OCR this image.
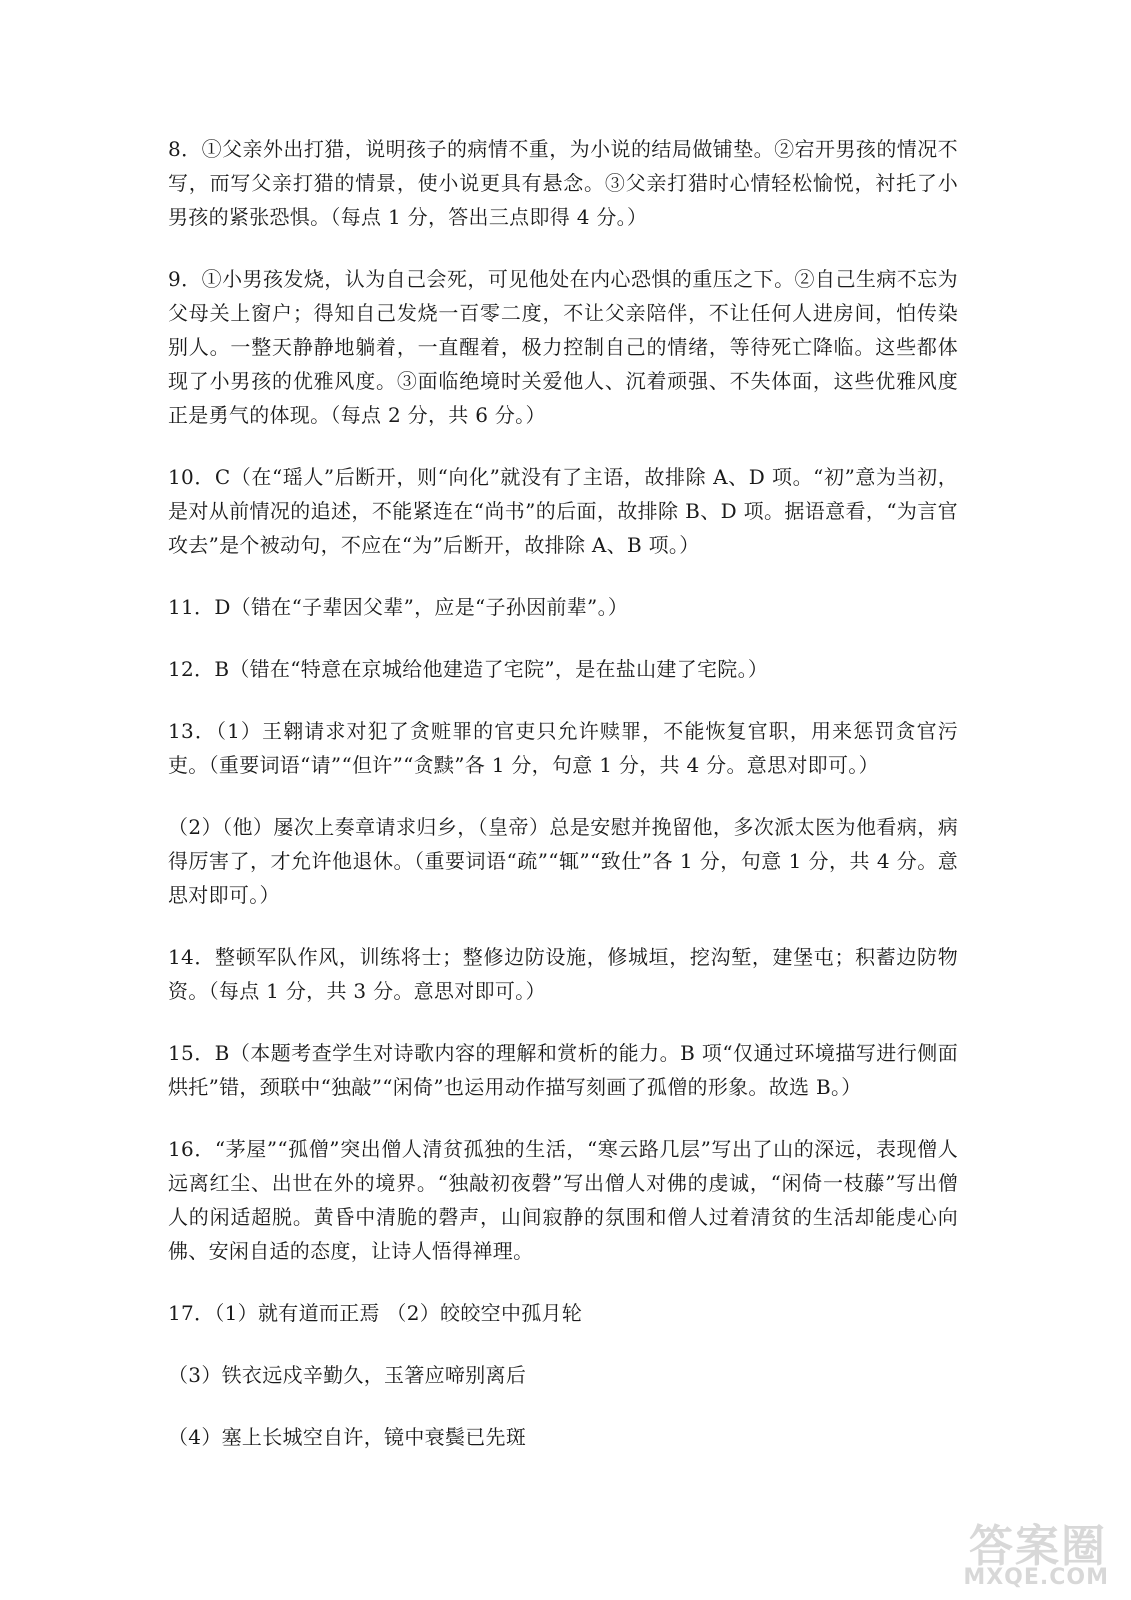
8．①父亲外出打猎，说明孩子的病情不重，为小说的结局做铺垫。②宕开男孩的情况不写，而写父亲打猎的情景，使小说更具有悬念。③父亲打猎时心情轻松愉悦，衬托了小男孩的紧张恐惧。（每点 1 分，答出三点即得 4 分。）

9．①小男孩发烧，认为自己会死，可见他处在内心恐惧的重压之下。②自己生病不忘为父母关上窗户；得知自己发烧一百零二度，不让父亲陪伴，不让任何人进房间，怕传染别人。一整天静静地躺着，一直醒着，极力控制自己的情绪，等待死亡降临。这些都体现了小男孩的优雅风度。③面临绝境时关爱他人、沉着顽强、不失体面，这些优雅风度正是勇气的体现。（每点 2 分，共 6 分。）

10．C（在“瑶人”后断开，则“向化”就没有了主语，故排除 A、D 项。“初”意为当初，是对从前情况的追述，不能紧连在“尚书”的后面，故排除 B、D 项。据语意看，“为言官攻去”是个被动句，不应在“为”后断开，故排除 A、B 项。）

11．D（错在“子辈因父辈”，应是“子孙因前辈”。）

12．B（错在“特意在京城给他建造了宅院”，是在盐山建了宅院。）

13．（1）王翱请求对犯了贪赃罪的官吏只允许赎罪，不能恢复官职，用来惩罚贪官污吏。（重要词语“请”“但许”“贪黩”各 1 分，句意 1 分，共 4 分。意思对即可。）

（2）（他）屡次上奏章请求归乡，（皇帝）总是安慰并挽留他，多次派太医为他看病，病得厉害了，才允许他退休。（重要词语“疏”“辄”“致仕”各 1 分，句意 1 分，共 4 分。意思对即可。）

14．整顿军队作风，训练将士；整修边防设施，修城垣，挖沟堑，建堡屯；积蓄边防物资。（每点 1 分，共 3 分。意思对即可。）

15．B（本题考查学生对诗歌内容的理解和赏析的能力。B 项“仅通过环境描写进行侧面烘托”错，颈联中“独敲”“闲倚”也运用动作描写刻画了孤僧的形象。故选 B。）

16．“茅屋”“孤僧”突出僧人清贫孤独的生活，“寒云路几层”写出了山的深远，表现僧人远离红尘、出世在外的境界。“独敲初夜磬”写出僧人对佛的虔诚，“闲倚一枝藤”写出僧人的闲适超脱。黄昏中清脆的磬声，山间寂静的氛围和僧人过着清贫的生活却能虔心向佛、安闲自适的态度，让诗人悟得禅理。

17．（1）就有道而正焉 （2）皎皎空中孤月轮

（3）铁衣远戍辛勤久，玉箸应啼别离后

（4）塞上长城空自许，镜中衰鬓已先斑

答案圈
MXQE.COM
